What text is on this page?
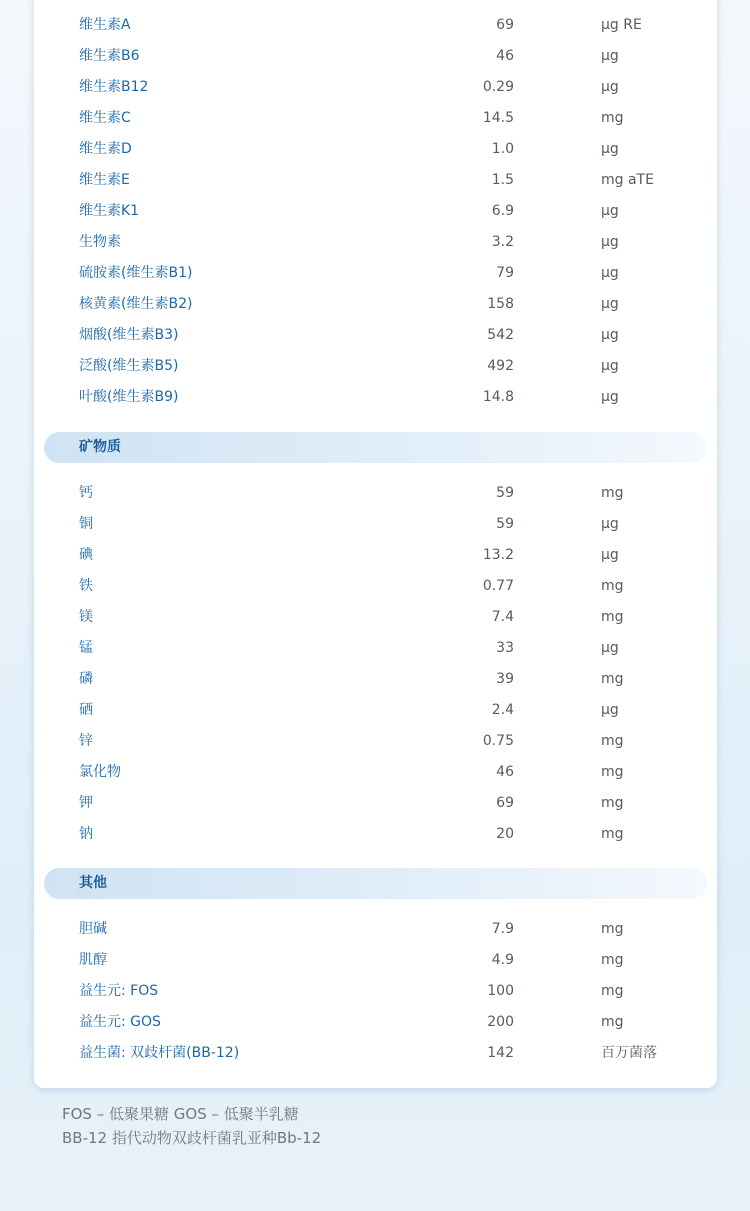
维生素A	69	μg RE
维生素B6	46	μg
维生素B12	0.29	μg
维生素C	14.5	mg
维生素D	1.0	μg
维生素E	1.5	mg aTE
维生素K1	6.9	μg
生物素	3.2	μg
硫胺素(维生素B1)	79	μg
核黄素(维生素B2)	158	μg
烟酸(维生素B3)	542	μg
泛酸(维生素B5)	492	μg
叶酸(维生素B9)	14.8	μg
矿物质
钙	59	mg
铜	59	μg
碘	13.2	μg
铁	0.77	mg
镁	7.4	mg
锰	33	μg
磷	39	mg
硒	2.4	μg
锌	0.75	mg
氯化物	46	mg
钾	69	mg
钠	20	mg
其他
胆碱	7.9	mg
肌醇	4.9	mg
益生元: FOS	100	mg
益生元: GOS	200	mg
益生菌: 双歧杆菌(BB-12)	142	百万菌落
FOS – 低聚果糖 GOS – 低聚半乳糖
BB-12 指代动物双歧杆菌乳亚种Bb-12
